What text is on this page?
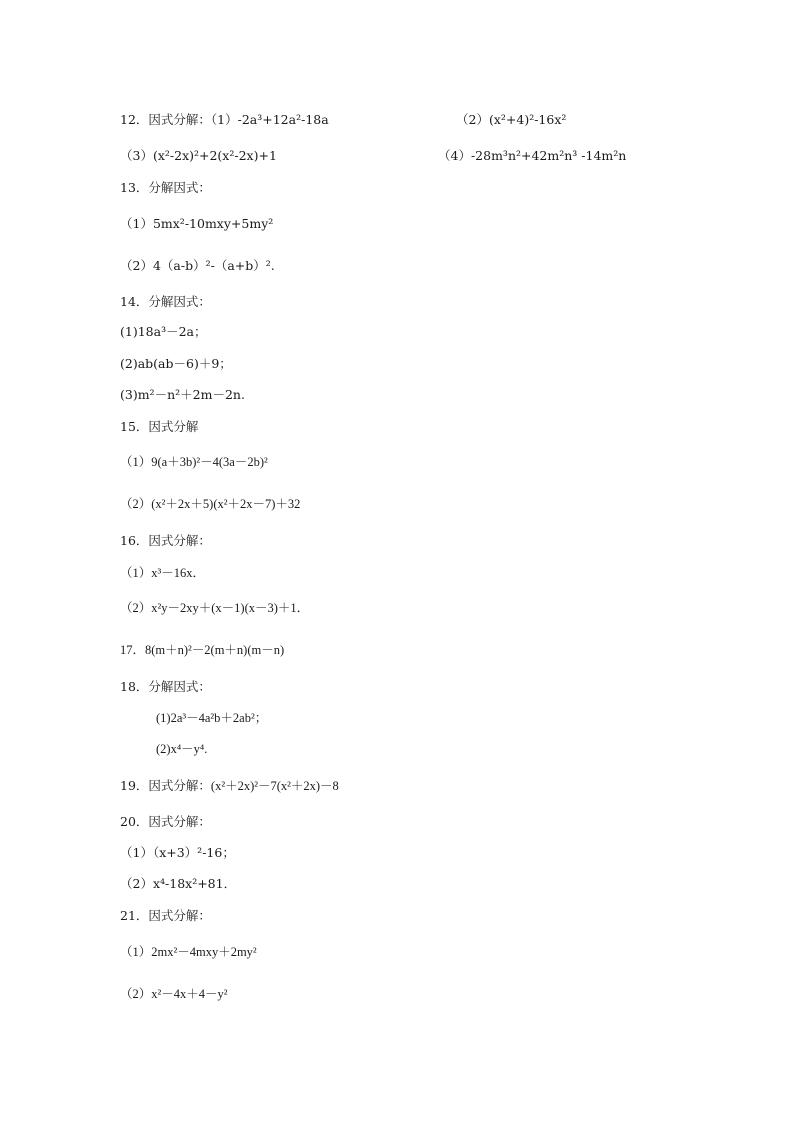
12．因式分解：（1）-2a³+12a²-18a	（2）(x²+4)²-16x²
（3）(x²-2x)²+2(x²-2x)+1	（4）-28m³n²+42m²n³ -14m²n
13．分解因式：
（1）5mx²-10mxy+5my²
（2）4（a-b）²-（a+b）².
14．分解因式：
(1)18a³－2a；
(2)ab(ab－6)＋9；
(3)m²－n²＋2m－2n.
15．因式分解
（1）9(a＋3b)²－4(3a－2b)²
（2）(x²＋2x＋5)(x²＋2x－7)＋32
16．因式分解：
（1）x³－16x．
（2）x²y－2xy＋(x－1)(x－3)＋1．
17．8(m＋n)²－2(m＋n)(m－n)
18．分解因式：
(1)2a³－4a²b＋2ab²；
(2)x⁴－y⁴.
19．因式分解：(x²＋2x)²－7(x²＋2x)－8
20．因式分解：
（1）（x+3）²-16；
（2）x⁴-18x²+81．
21．因式分解：
（1）2mx²－4mxy＋2my²
（2）x²－4x＋4－y²
